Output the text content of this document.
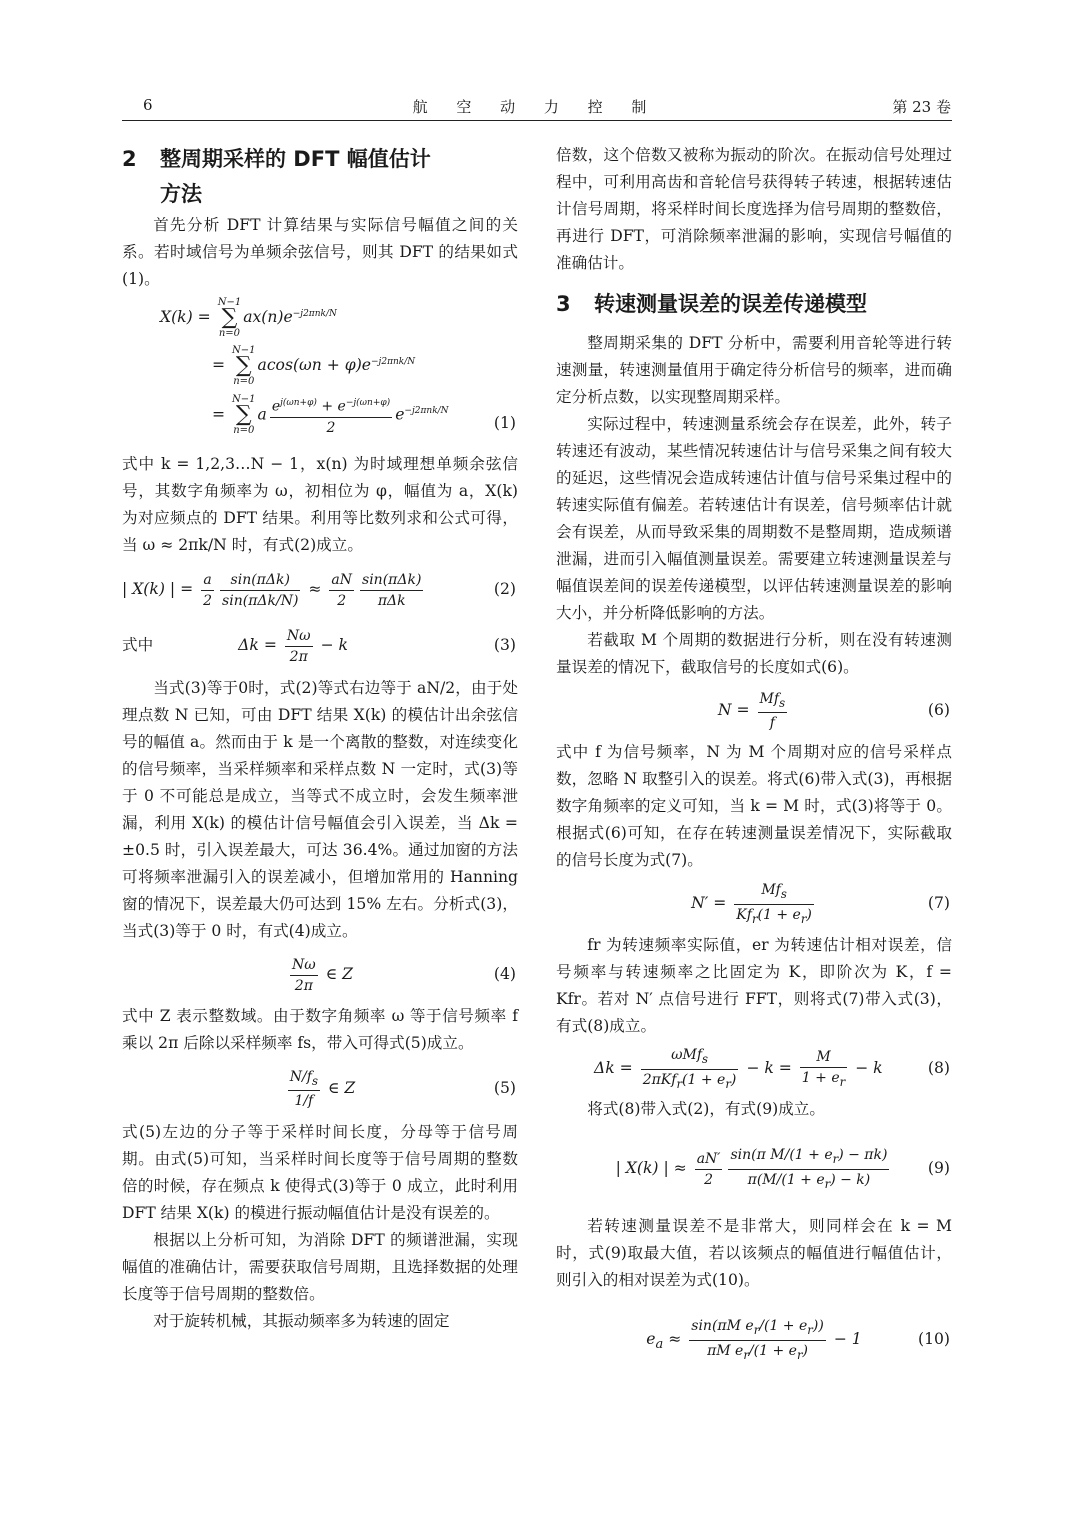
航 空 动 力 控 制
6	第 23 卷
2 整周期采样的 DFT 幅值估计
方法

首先分析 DFT 计算结果与实际信号幅值之间的关系。若时域信号为单频余弦信号，则其 DFT 的结果如式(1)。

X(k) = N−1
∑
$n=0ax(n)e^{-j2\pi nk/N}$
= N−1
∑
$n=0acos(\omega n + \varphi)e^{-j2\pi nk/N}$
= N−1
∑
$n=0a \frac{e^{j(\omega n+\varphi)} + e^{-j(\omega n+\varphi)}}{2} e^{-j2\pi nk/N}$
(1)

式中 k = 1,2,3…N − 1，x(n) 为时域理想单频余弦信号，其数字角频率为 ω，初相位为 φ，幅值为 a，X(k) 为对应频点的 DFT 结果。利用等比数列求和公式可得，当 ω ≈ 2πk/N 时，有式(2)成立。

| X(k) | = $\frac{a}{2} \frac{\text{sin(πΔk)}}{\text{sin(πΔk/N)}} \approx \frac{aN}{2} \frac{\text{sin(πΔk)}}{\text{πΔk}}$	(2)
式中	$\Delta k = \frac{N\omega}{2\pi} - k$	(3)

当式(3)等于0时，式(2)等式右边等于 aN/2，由于处理点数 N 已知，可由 DFT 结果 X(k) 的模估计出余弦信号的幅值 a。然而由于 k 是一个离散的整数，对连续变化的信号频率，当采样频率和采样点数 N 一定时，式(3)等于 0 不可能总是成立，当等式不成立时，会发生频率泄漏，利用 X(k) 的模估计信号幅值会引入误差，当 Δk = ±0.5 时，引入误差最大，可达 36.4%。通过加窗的方法可将频率泄漏引入的误差减小，但增加常用的 Hanning 窗的情况下，误差最大仍可达到 15% 左右。分析式(3)，当式(3)等于 0 时，有式(4)成立。

$\frac{N\omega}{2\pi}$ ∈ Z	(4)

式中 Z 表示整数域。由于数字角频率 ω 等于信号频率 f 乘以 2π 后除以采样频率 fs，带入可得式(5)成立。

$\frac{N/f_s}{1/f}$ ∈ Z	(5)

式(5)左边的分子等于采样时间长度，分母等于信号周期。由式(5)可知，当采样时间长度等于信号周期的整数倍的时候，存在频点 k 使得式(3)等于 0 成立，此时利用 DFT 结果 X(k) 的模进行振动幅值估计是没有误差的。

根据以上分析可知，为消除 DFT 的频谱泄漏，实现幅值的准确估计，需要获取信号周期，且选择数据的处理长度等于信号周期的整数倍。

对于旋转机械，其振动频率多为转速的固定

倍数，这个倍数又被称为振动的阶次。在振动信号处理过程中，可利用高齿和音轮信号获得转子转速，根据转速估计信号周期，将采样时间长度选择为信号周期的整数倍，再进行 DFT，可消除频率泄漏的影响，实现信号幅值的准确估计。

3 转速测量误差的误差传递模型

整周期采集的 DFT 分析中，需要利用音轮等进行转速测量，转速测量值用于确定待分析信号的频率，进而确定分析点数，以实现整周期采样。

实际过程中，转速测量系统会存在误差，此外，转子转速还有波动，某些情况转速估计与信号采集之间有较大的延迟，这些情况会造成转速估计值与信号采集过程中的转速实际值有偏差。若转速估计有误差，信号频率估计就会有误差，从而导致采集的周期数不是整周期，造成频谱泄漏，进而引入幅值测量误差。需要建立转速测量误差与幅值误差间的误差传递模型，以评估转速测量误差的影响大小，并分析降低影响的方法。

若截取 M 个周期的数据进行分析，则在没有转速测量误差的情况下，截取信号的长度如式(6)。

$N = \frac{Mf_s}{f}$	(6)

式中 f 为信号频率，N 为 M 个周期对应的信号采样点数，忽略 N 取整引入的误差。将式(6)带入式(3)，再根据数字角频率的定义可知，当 k = M 时，式(3)将等于 0。根据式(6)可知，在存在转速测量误差情况下，实际截取的信号长度为式(7)。

$N' = \frac{Mf_s}{Kf_r(1 + e_r)}$	(7)

fr 为转速频率实际值，er 为转速估计相对误差，信号频率与转速频率之比固定为 K，即阶次为 K，f = Kfr。若对 N′ 点信号进行 FFT，则将式(7)带入式(3)，有式(8)成立。

$\Delta k = \frac{\omega Mf_s}{2\pi Kf_r(1 + e_r)} - k = \frac{M}{1 + e_r} - k$	(8)

将式(8)带入式(2)，有式(9)成立。

| X(k) | ≈ $\frac{aN'}{2} \frac{\sin(\pi M/(1 + e_r) - \pi k)}{\pi(M/(1 + e_r) - k)} (9)$

若转速测量误差不是非常大，则同样会在 k = M 时，式(9)取最大值，若以该频点的幅值进行幅值估计，则引入的相对误差为式(10)。

$e_a \approx \frac{\sin(\pi M e_r/(1 + e_r))}{\pi M e_r/(1 + e_r)} - 1$	(10)
